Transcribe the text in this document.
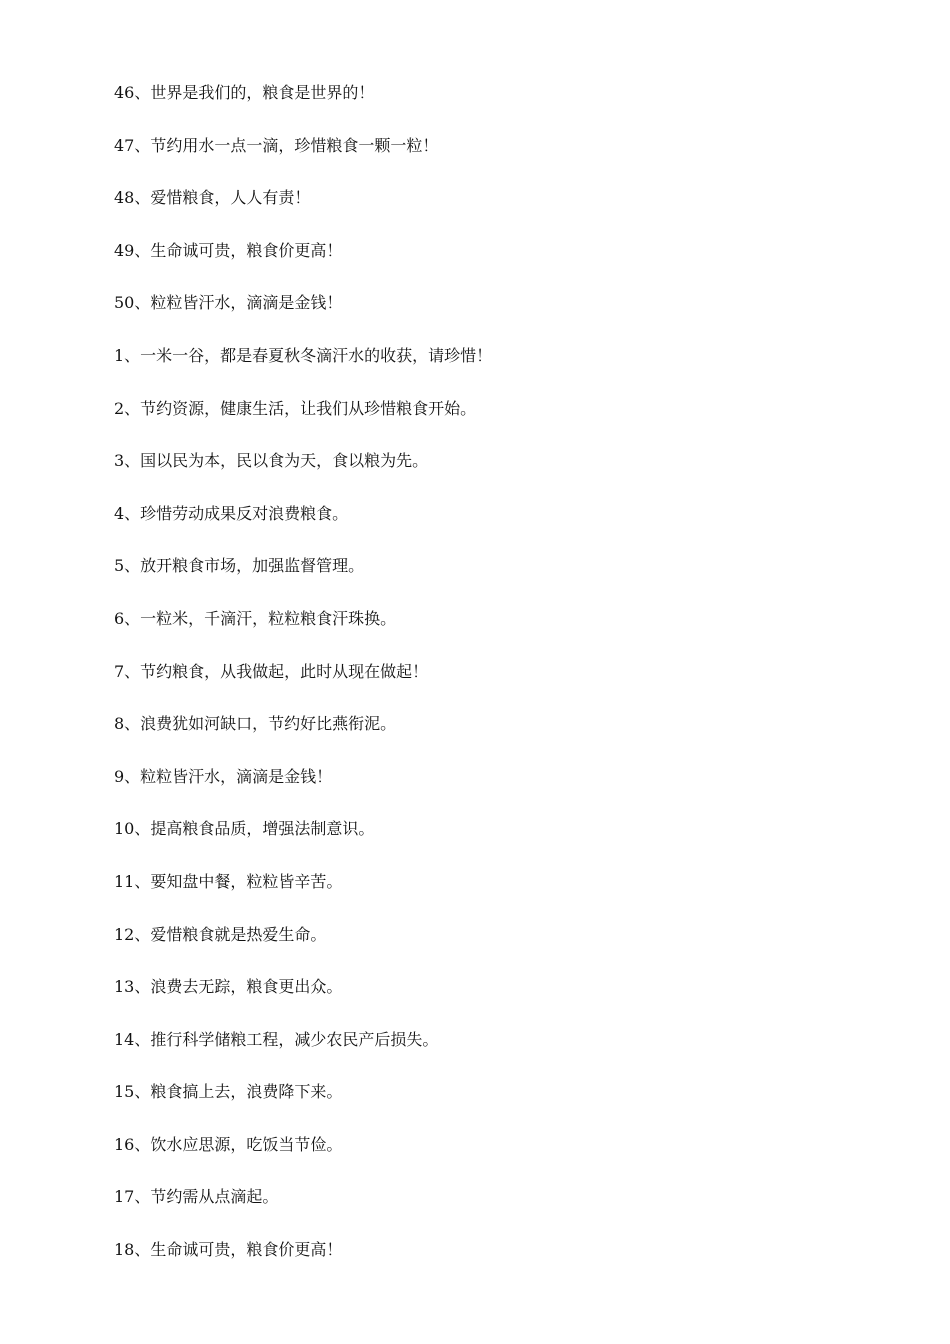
46、世界是我们的，粮食是世界的！
47、节约用水一点一滴，珍惜粮食一颗一粒！
48、爱惜粮食，人人有责！
49、生命诚可贵，粮食价更高！
50、粒粒皆汗水，滴滴是金钱！
1、一米一谷，都是春夏秋冬滴汗水的收获，请珍惜！
2、节约资源，健康生活，让我们从珍惜粮食开始。
3、国以民为本，民以食为天，食以粮为先。
4、珍惜劳动成果反对浪费粮食。
5、放开粮食市场，加强监督管理。
6、一粒米，千滴汗，粒粒粮食汗珠换。
7、节约粮食，从我做起，此时从现在做起！
8、浪费犹如河缺口，节约好比燕衔泥。
9、粒粒皆汗水，滴滴是金钱！
10、提高粮食品质，增强法制意识。
11、要知盘中餐，粒粒皆辛苦。
12、爱惜粮食就是热爱生命。
13、浪费去无踪，粮食更出众。
14、推行科学储粮工程，减少农民产后损失。
15、粮食搞上去，浪费降下来。
16、饮水应思源，吃饭当节俭。
17、节约需从点滴起。
18、生命诚可贵，粮食价更高！
